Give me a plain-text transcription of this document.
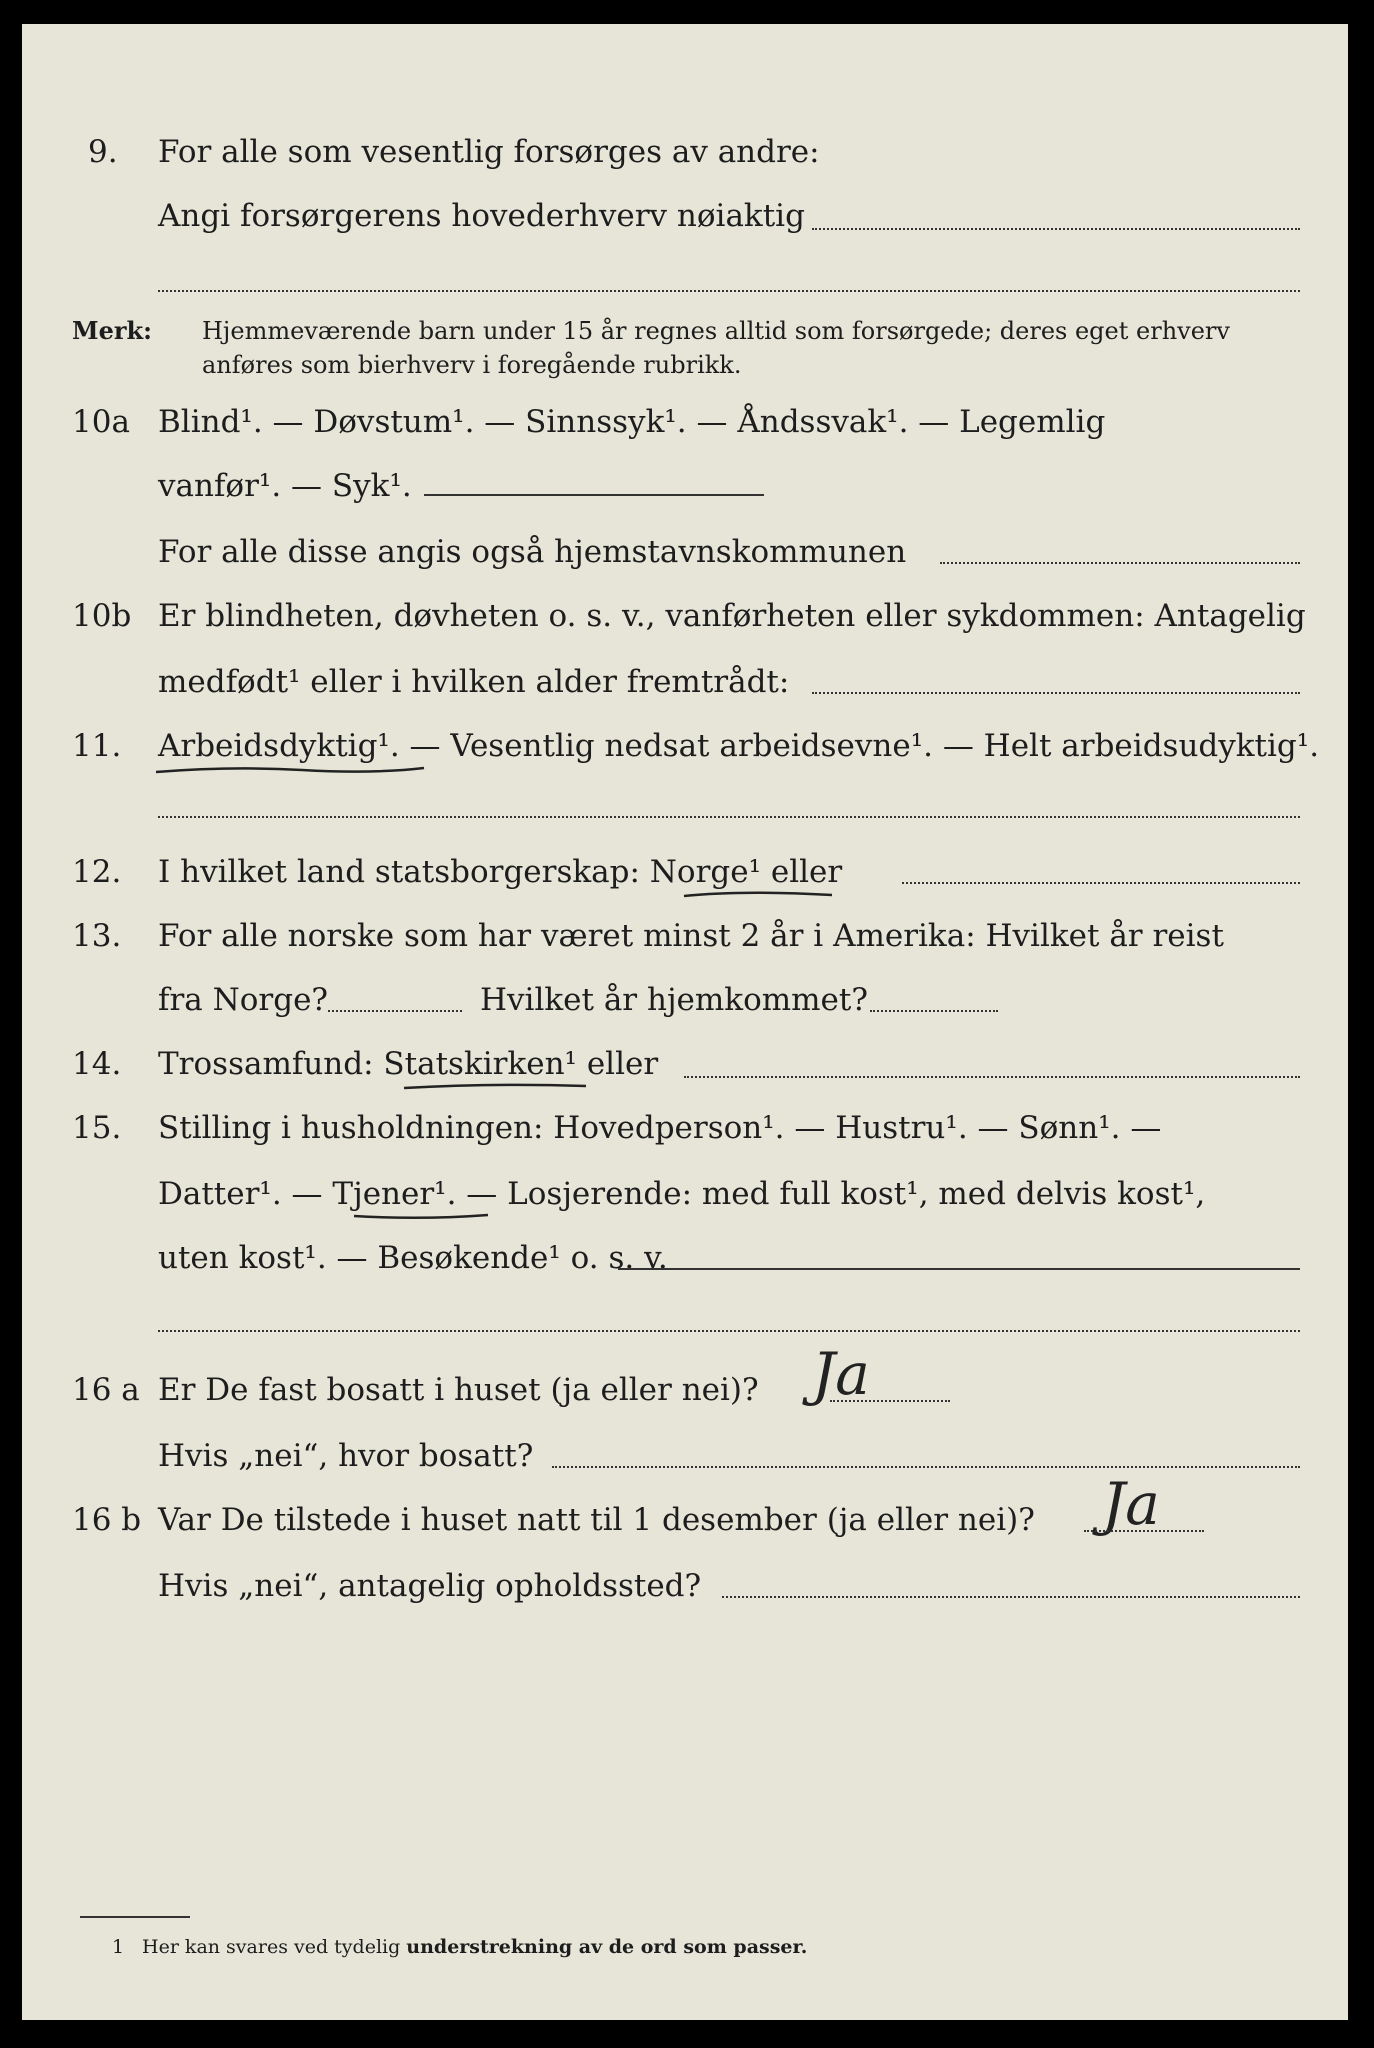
9. For alle som vesentlig forsørges av andre:
Angi forsørgerens hovederhverv nøiaktig
Merk: Hjemmeværende barn under 15 år regnes alltid som forsørgede; deres eget erhverv
anføres som bierhverv i foregående rubrikk.
10a Blind¹. — Døvstum¹. — Sinnssyk¹. — Åndssvak¹. — Legemlig
vanfør¹. — Syk¹.
For alle disse angis også hjemstavnskommunen
10b Er blindheten, døvheten o. s. v., vanførheten eller sykdommen: Antagelig
medfødt¹ eller i hvilken alder fremtrådt:
11. Arbeidsdyktig¹. — Vesentlig nedsat arbeidsevne¹. — Helt arbeidsudyktig¹.
12. I hvilket land statsborgerskap: Norge¹ eller
13. For alle norske som har været minst 2 år i Amerika: Hvilket år reist
fra Norge?	Hvilket år hjemkommet?
14. Trossamfund: Statskirken¹ eller
15. Stilling i husholdningen: Hovedperson¹. — Hustru¹. — Sønn¹. —
Datter¹. — Tjener¹. — Losjerende: med full kost¹, med delvis kost¹,
uten kost¹. — Besøkende¹ o. s. v.
16 a Er De fast bosatt i huset (ja eller nei)? Ja
Hvis „nei“, hvor bosatt?
16 b Var De tilstede i huset natt til 1 desember (ja eller nei)? Ja
Hvis „nei“, antagelig opholdssted?
1 Her kan svares ved tydelig understrekning av de ord som passer.
